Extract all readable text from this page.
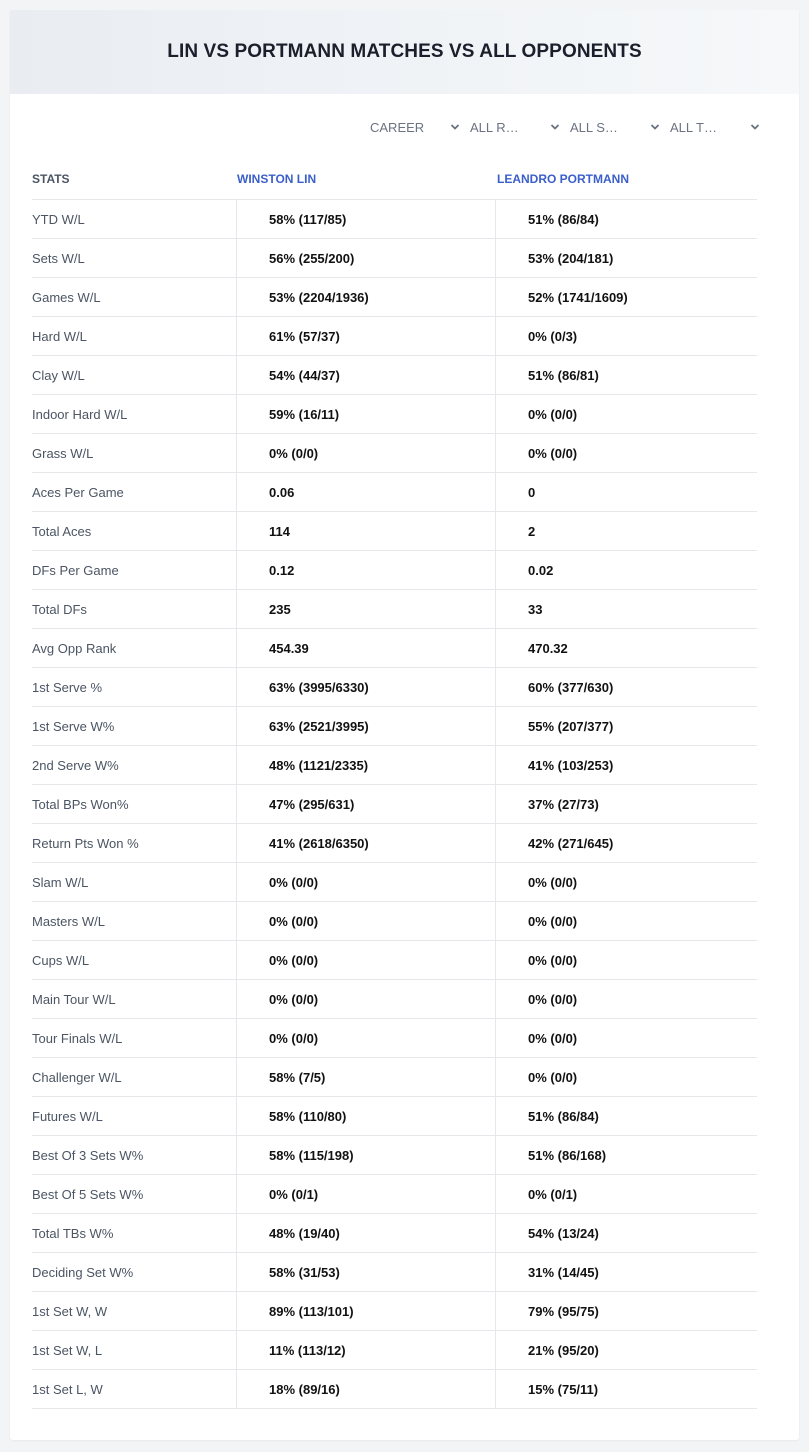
LIN VS PORTMANN MATCHES VS ALL OPPONENTS
CAREER	ALL R…	ALL S…	ALL T…
STATS	WINSTON LIN	LEANDRO PORTMANN
YTD W/L	58% (117/85)	51% (86/84)
Sets W/L	56% (255/200)	53% (204/181)
Games W/L	53% (2204/1936)	52% (1741/1609)
Hard W/L	61% (57/37)	0% (0/3)
Clay W/L	54% (44/37)	51% (86/81)
Indoor Hard W/L	59% (16/11)	0% (0/0)
Grass W/L	0% (0/0)	0% (0/0)
Aces Per Game	0.06	0
Total Aces	114	2
DFs Per Game	0.12	0.02
Total DFs	235	33
Avg Opp Rank	454.39	470.32
1st Serve %	63% (3995/6330)	60% (377/630)
1st Serve W%	63% (2521/3995)	55% (207/377)
2nd Serve W%	48% (1121/2335)	41% (103/253)
Total BPs Won%	47% (295/631)	37% (27/73)
Return Pts Won %	41% (2618/6350)	42% (271/645)
Slam W/L	0% (0/0)	0% (0/0)
Masters W/L	0% (0/0)	0% (0/0)
Cups W/L	0% (0/0)	0% (0/0)
Main Tour W/L	0% (0/0)	0% (0/0)
Tour Finals W/L	0% (0/0)	0% (0/0)
Challenger W/L	58% (7/5)	0% (0/0)
Futures W/L	58% (110/80)	51% (86/84)
Best Of 3 Sets W%	58% (115/198)	51% (86/168)
Best Of 5 Sets W%	0% (0/1)	0% (0/1)
Total TBs W%	48% (19/40)	54% (13/24)
Deciding Set W%	58% (31/53)	31% (14/45)
1st Set W, W	89% (113/101)	79% (95/75)
1st Set W, L	11% (113/12)	21% (95/20)
1st Set L, W	18% (89/16)	15% (75/11)
